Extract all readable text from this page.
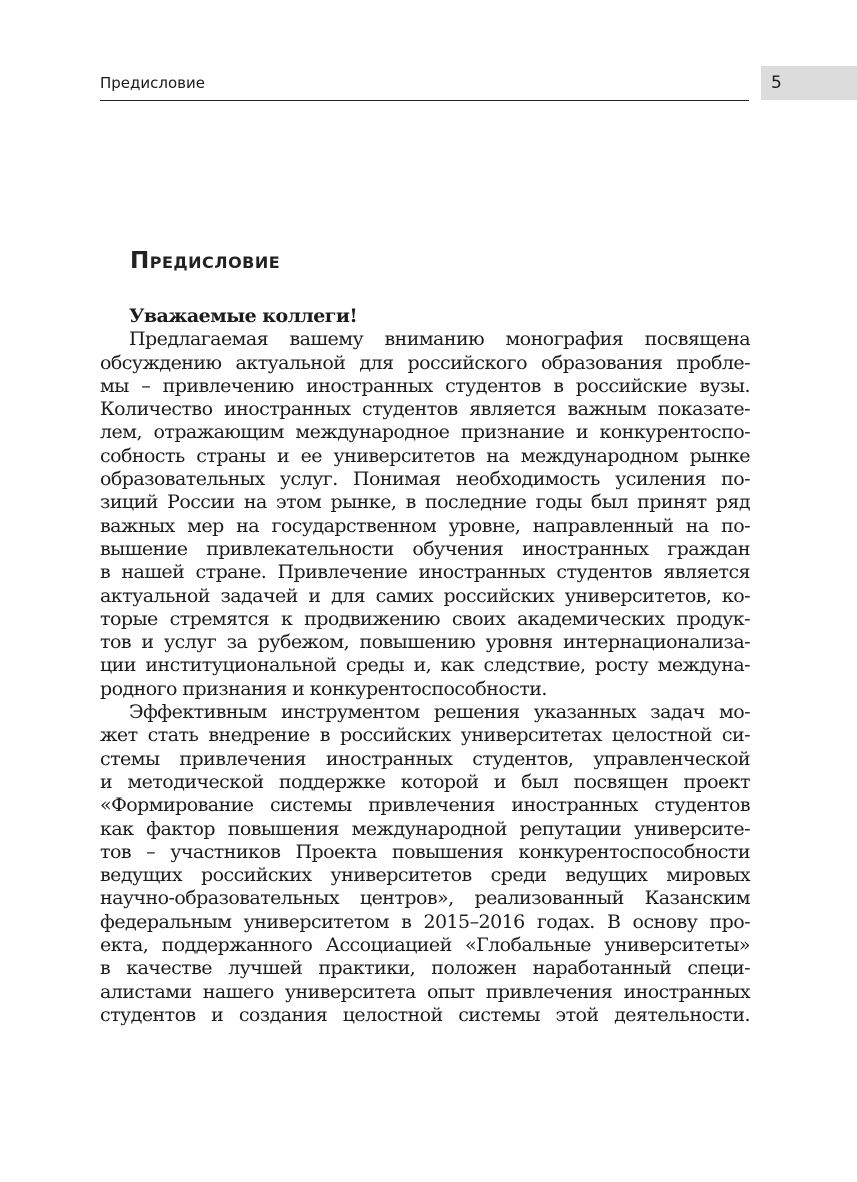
Предисловие	5
Предисловие
Уважаемые коллеги!
Предлагаемая вашему вниманию монография посвящена
обсуждению актуальной для российского образования пробле-
мы – привлечению иностранных студентов в российские вузы.
Количество иностранных студентов является важным показате-
лем, отражающим международное признание и конкурентоспо-
собность страны и ее университетов на международном рынке
образовательных услуг. Понимая необходимость усиления по-
зиций России на этом рынке, в последние годы был принят ряд
важных мер на государственном уровне, направленный на по-
вышение привлекательности обучения иностранных граждан
в нашей стране. Привлечение иностранных студентов является
актуальной задачей и для самих российских университетов, ко-
торые стремятся к продвижению своих академических продук-
тов и услуг за рубежом, повышению уровня интернационализа-
ции институциональной среды и, как следствие, росту междуна-
родного признания и конкурентоспособности.
Эффективным инструментом решения указанных задач мо-
жет стать внедрение в российских университетах целостной си-
стемы привлечения иностранных студентов, управленческой
и методической поддержке которой и был посвящен проект
«Формирование системы привлечения иностранных студентов
как фактор повышения международной репутации университе-
тов – участников Проекта повышения конкурентоспособности
ведущих российских университетов среди ведущих мировых
научно-образовательных центров», реализованный Казанским
федеральным университетом в 2015–2016 годах. В основу про-
екта, поддержанного Ассоциацией «Глобальные университеты»
в качестве лучшей практики, положен наработанный специ-
алистами нашего университета опыт привлечения иностранных
студентов и создания целостной системы этой деятельности.
